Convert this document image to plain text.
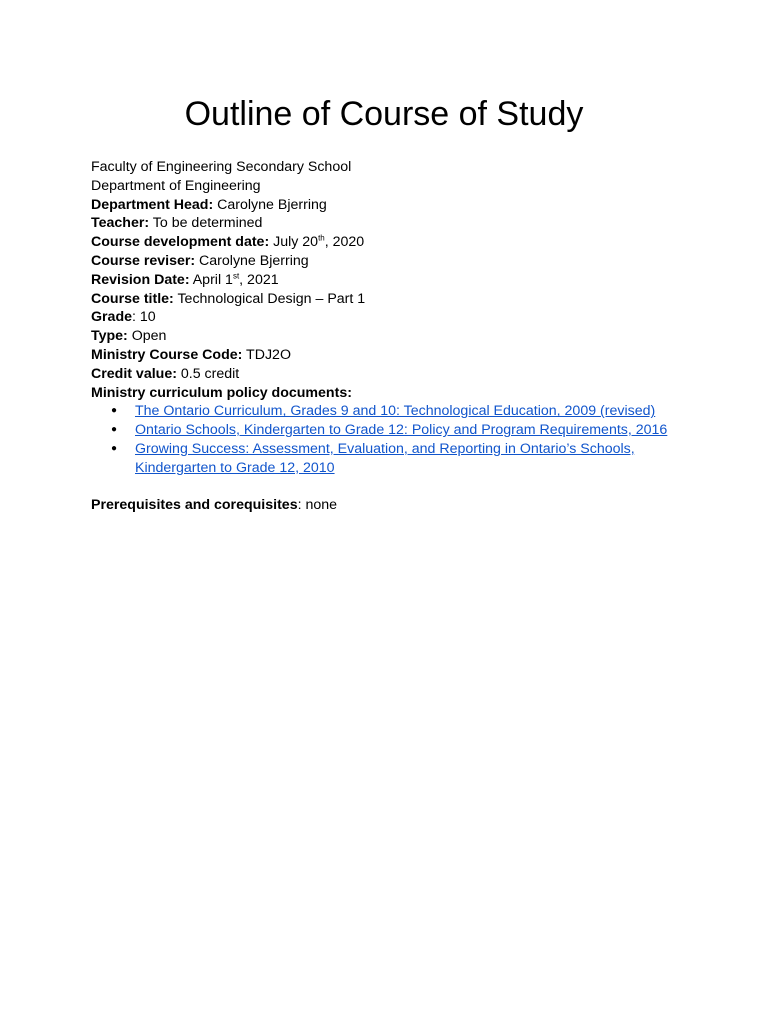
Outline of Course of Study
Faculty of Engineering Secondary School
Department of Engineering
Department Head: Carolyne Bjerring
Teacher: To be determined
Course development date: July 20th, 2020
Course reviser: Carolyne Bjerring
Revision Date: April 1st, 2021
Course title: Technological Design – Part 1
Grade: 10
Type: Open
Ministry Course Code: TDJ2O
Credit value: 0.5 credit
Ministry curriculum policy documents:
● The Ontario Curriculum, Grades 9 and 10: Technological Education, 2009 (revised)
● Ontario Schools, Kindergarten to Grade 12: Policy and Program Requirements, 2016
● Growing Success: Assessment, Evaluation, and Reporting in Ontario’s Schools,
Kindergarten to Grade 12, 2010
Prerequisites and corequisites: none
